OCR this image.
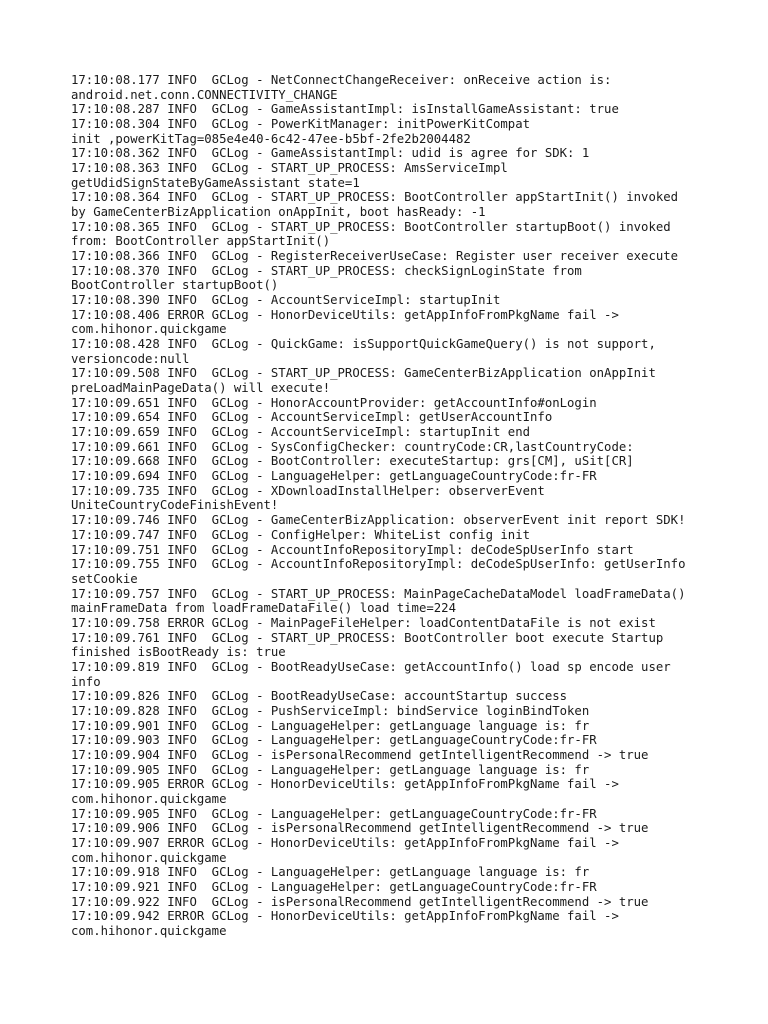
17:10:08.177 INFO  GCLog - NetConnectChangeReceiver: onReceive action is:
android.net.conn.CONNECTIVITY_CHANGE
17:10:08.287 INFO  GCLog - GameAssistantImpl: isInstallGameAssistant: true
17:10:08.304 INFO  GCLog - PowerKitManager: initPowerKitCompat
init ,powerKitTag=085e4e40-6c42-47ee-b5bf-2fe2b2004482
17:10:08.362 INFO  GCLog - GameAssistantImpl: udid is agree for SDK: 1
17:10:08.363 INFO  GCLog - START_UP_PROCESS: AmsServiceImpl
getUdidSignStateByGameAssistant state=1
17:10:08.364 INFO  GCLog - START_UP_PROCESS: BootController appStartInit() invoked
by GameCenterBizApplication onAppInit, boot hasReady: -1
17:10:08.365 INFO  GCLog - START_UP_PROCESS: BootController startupBoot() invoked
from: BootController appStartInit()
17:10:08.366 INFO  GCLog - RegisterReceiverUseCase: Register user receiver execute
17:10:08.370 INFO  GCLog - START_UP_PROCESS: checkSignLoginState from
BootController startupBoot()
17:10:08.390 INFO  GCLog - AccountServiceImpl: startupInit
17:10:08.406 ERROR GCLog - HonorDeviceUtils: getAppInfoFromPkgName fail ->
com.hihonor.quickgame
17:10:08.428 INFO  GCLog - QuickGame: isSupportQuickGameQuery() is not support,
versioncode:null
17:10:09.508 INFO  GCLog - START_UP_PROCESS: GameCenterBizApplication onAppInit
preLoadMainPageData() will execute!
17:10:09.651 INFO  GCLog - HonorAccountProvider: getAccountInfo#onLogin
17:10:09.654 INFO  GCLog - AccountServiceImpl: getUserAccountInfo
17:10:09.659 INFO  GCLog - AccountServiceImpl: startupInit end
17:10:09.661 INFO  GCLog - SysConfigChecker: countryCode:CR,lastCountryCode:
17:10:09.668 INFO  GCLog - BootController: executeStartup: grs[CM], uSit[CR]
17:10:09.694 INFO  GCLog - LanguageHelper: getLanguageCountryCode:fr-FR
17:10:09.735 INFO  GCLog - XDownloadInstallHelper: observerEvent
UniteCountryCodeFinishEvent!
17:10:09.746 INFO  GCLog - GameCenterBizApplication: observerEvent init report SDK!
17:10:09.747 INFO  GCLog - ConfigHelper: WhiteList config init
17:10:09.751 INFO  GCLog - AccountInfoRepositoryImpl: deCodeSpUserInfo start
17:10:09.755 INFO  GCLog - AccountInfoRepositoryImpl: deCodeSpUserInfo: getUserInfo
setCookie
17:10:09.757 INFO  GCLog - START_UP_PROCESS: MainPageCacheDataModel loadFrameData()
mainFrameData from loadFrameDataFile() load time=224
17:10:09.758 ERROR GCLog - MainPageFileHelper: loadContentDataFile is not exist
17:10:09.761 INFO  GCLog - START_UP_PROCESS: BootController boot execute Startup
finished isBootReady is: true
17:10:09.819 INFO  GCLog - BootReadyUseCase: getAccountInfo() load sp encode user
info
17:10:09.826 INFO  GCLog - BootReadyUseCase: accountStartup success
17:10:09.828 INFO  GCLog - PushServiceImpl: bindService loginBindToken
17:10:09.901 INFO  GCLog - LanguageHelper: getLanguage language is: fr
17:10:09.903 INFO  GCLog - LanguageHelper: getLanguageCountryCode:fr-FR
17:10:09.904 INFO  GCLog - isPersonalRecommend getIntelligentRecommend -> true
17:10:09.905 INFO  GCLog - LanguageHelper: getLanguage language is: fr
17:10:09.905 ERROR GCLog - HonorDeviceUtils: getAppInfoFromPkgName fail ->
com.hihonor.quickgame
17:10:09.905 INFO  GCLog - LanguageHelper: getLanguageCountryCode:fr-FR
17:10:09.906 INFO  GCLog - isPersonalRecommend getIntelligentRecommend -> true
17:10:09.907 ERROR GCLog - HonorDeviceUtils: getAppInfoFromPkgName fail ->
com.hihonor.quickgame
17:10:09.918 INFO  GCLog - LanguageHelper: getLanguage language is: fr
17:10:09.921 INFO  GCLog - LanguageHelper: getLanguageCountryCode:fr-FR
17:10:09.922 INFO  GCLog - isPersonalRecommend getIntelligentRecommend -> true
17:10:09.942 ERROR GCLog - HonorDeviceUtils: getAppInfoFromPkgName fail ->
com.hihonor.quickgame
